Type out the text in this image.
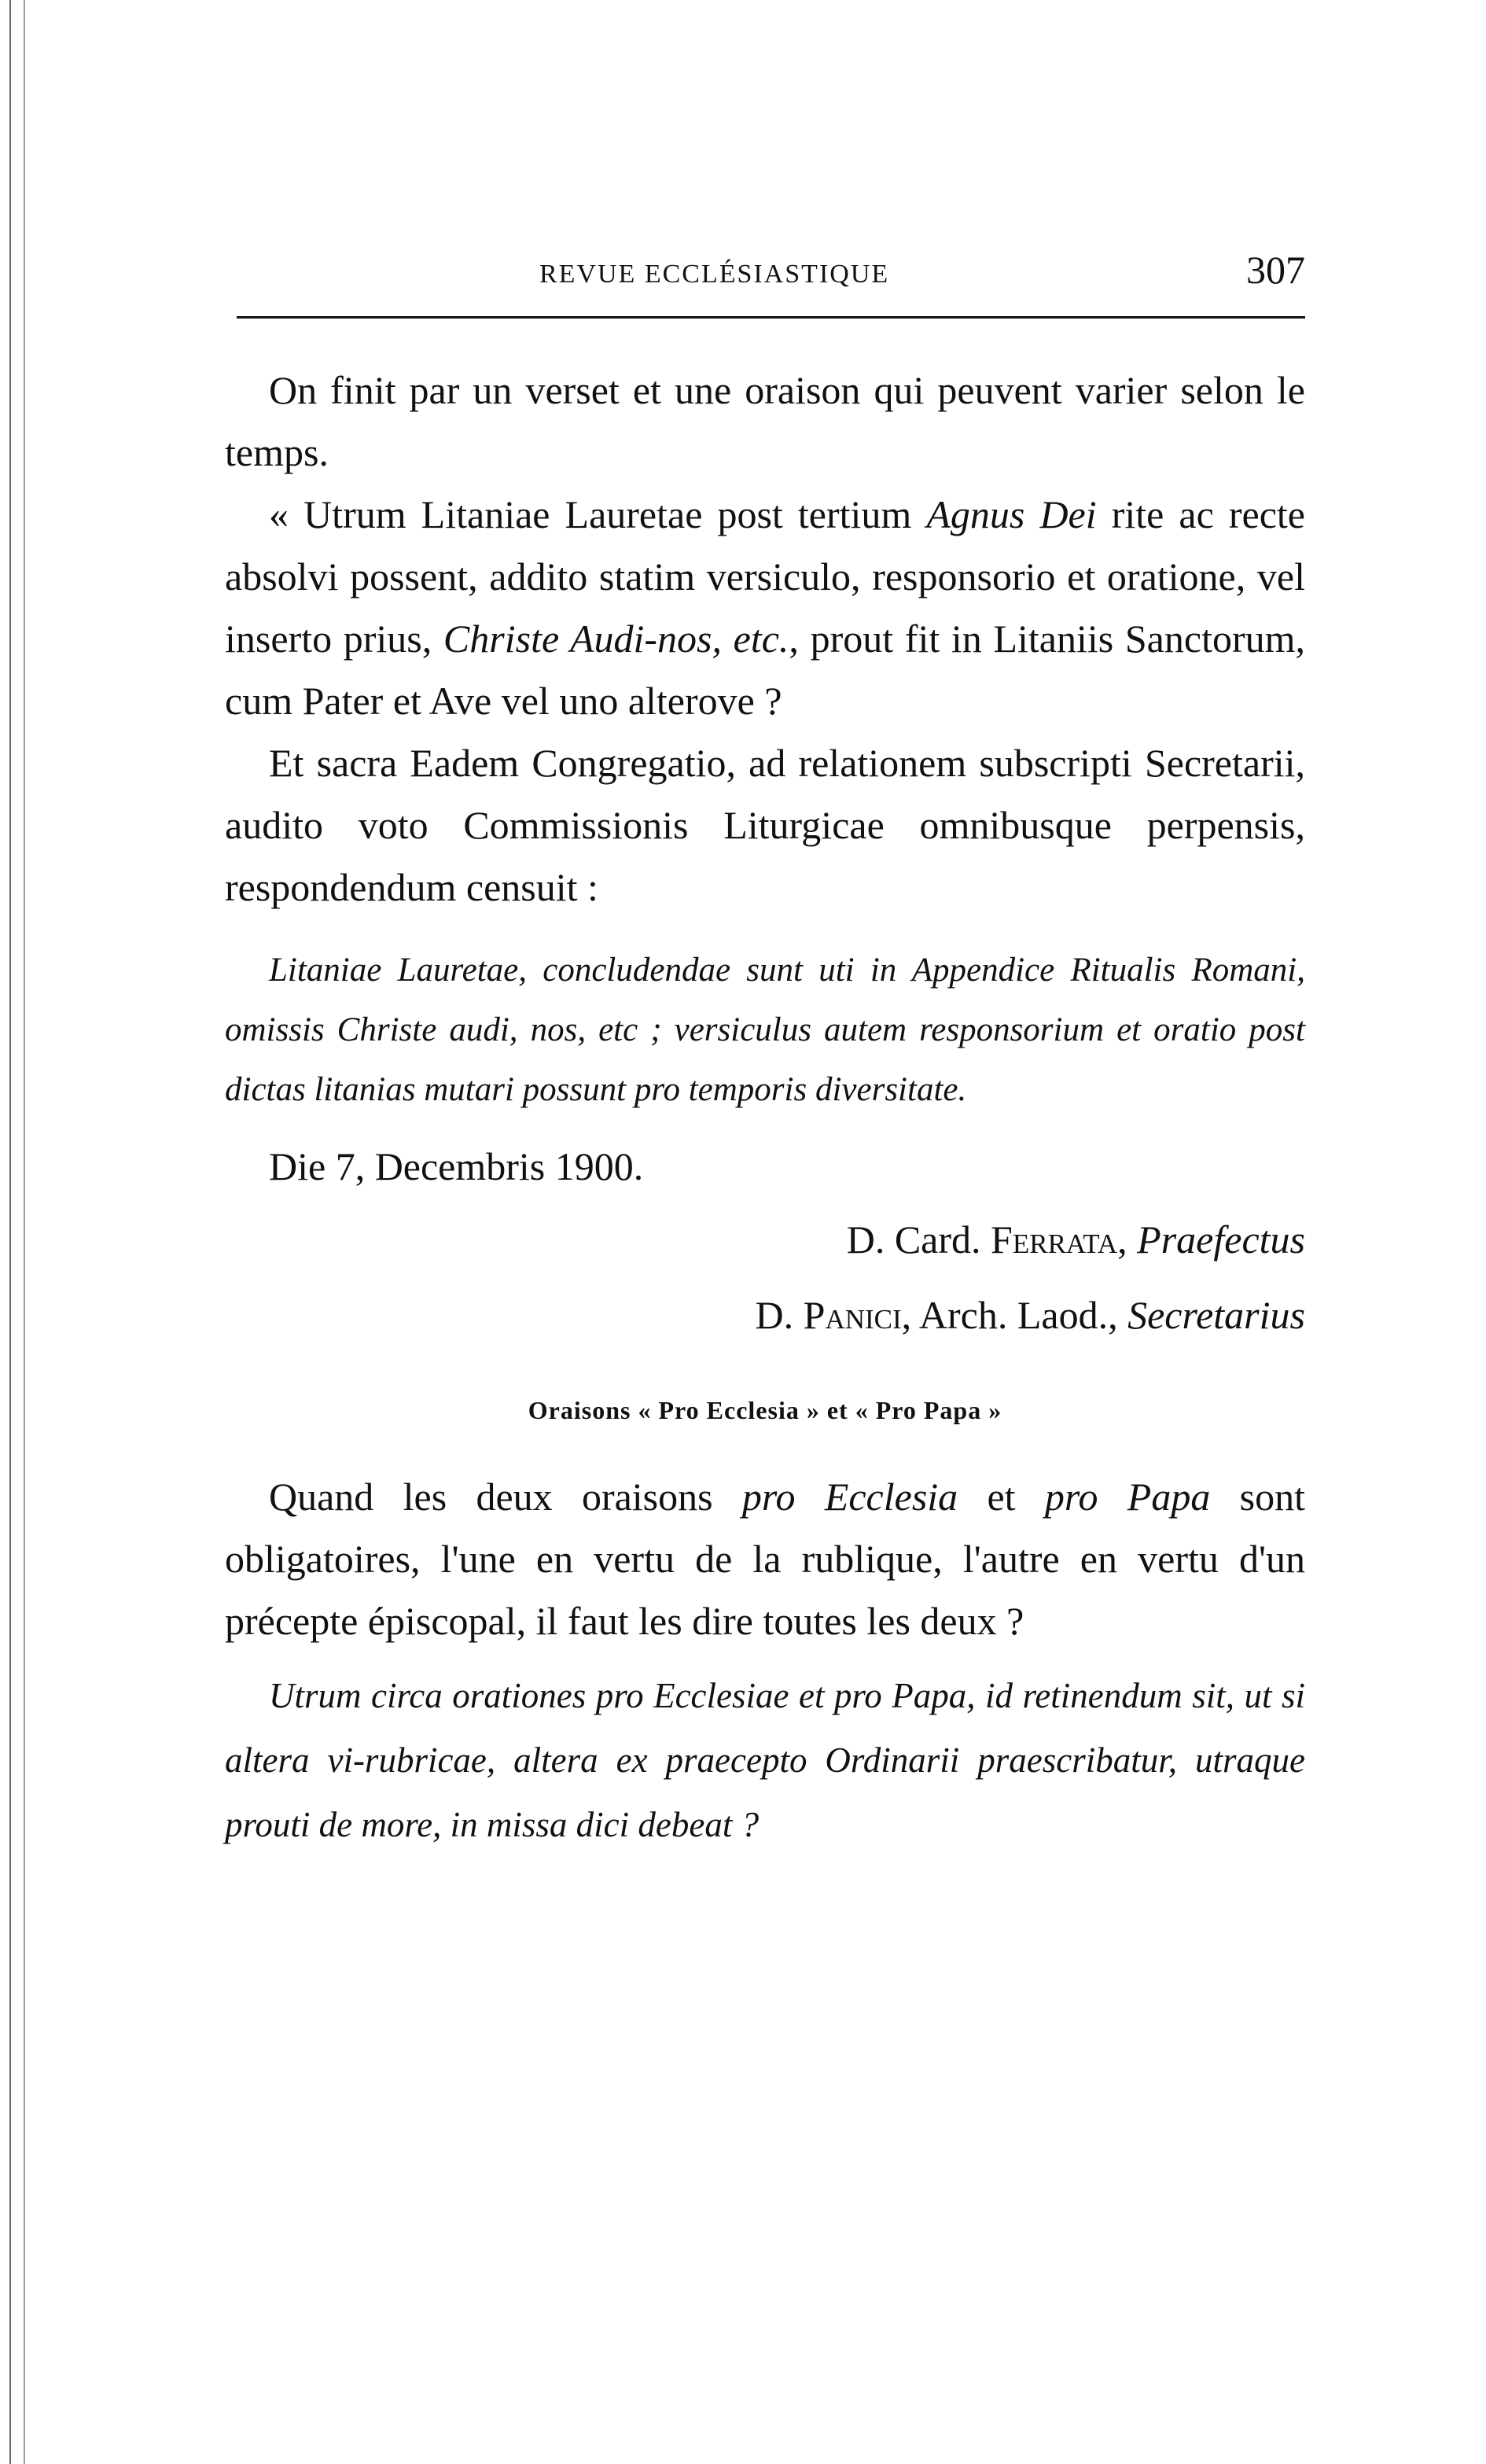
REVUE ECCLÉSIASTIQUE	307

On finit par un verset et une oraison qui peuvent varier selon le temps.

« Utrum Litaniae Lauretae post tertium Agnus Dei rite ac recte absolvi possent, addito statim versiculo, responsorio et oratione, vel inserto prius, Christe Audi-nos, etc., prout fit in Litaniis Sanctorum, cum Pater et Ave vel uno alterove ?

Et sacra Eadem Congregatio, ad relationem subscripti Secretarii, audito voto Commissionis Liturgicae omnibusque perpensis, respondendum censuit :

Litaniae Lauretae, concludendae sunt uti in Appendice Ritualis Romani, omissis Christe audi, nos, etc ; versiculus autem responsorium et oratio post dictas litanias mutari possunt pro temporis diversitate.

Die 7, Decembris 1900.

D. Card. Ferrata, Praefectus
D. Panici, Arch. Laod., Secretarius
Oraisons « Pro Ecclesia » et « Pro Papa »

Quand les deux oraisons pro Ecclesia et pro Papa sont obligatoires, l'une en vertu de la rublique, l'autre en vertu d'un précepte épiscopal, il faut les dire toutes les deux ?

Utrum circa orationes pro Ecclesiae et pro Papa, id retinendum sit, ut si altera vi-rubricae, altera ex praecepto Ordinarii praescribatur, utraque prouti de more, in missa dici debeat ?
